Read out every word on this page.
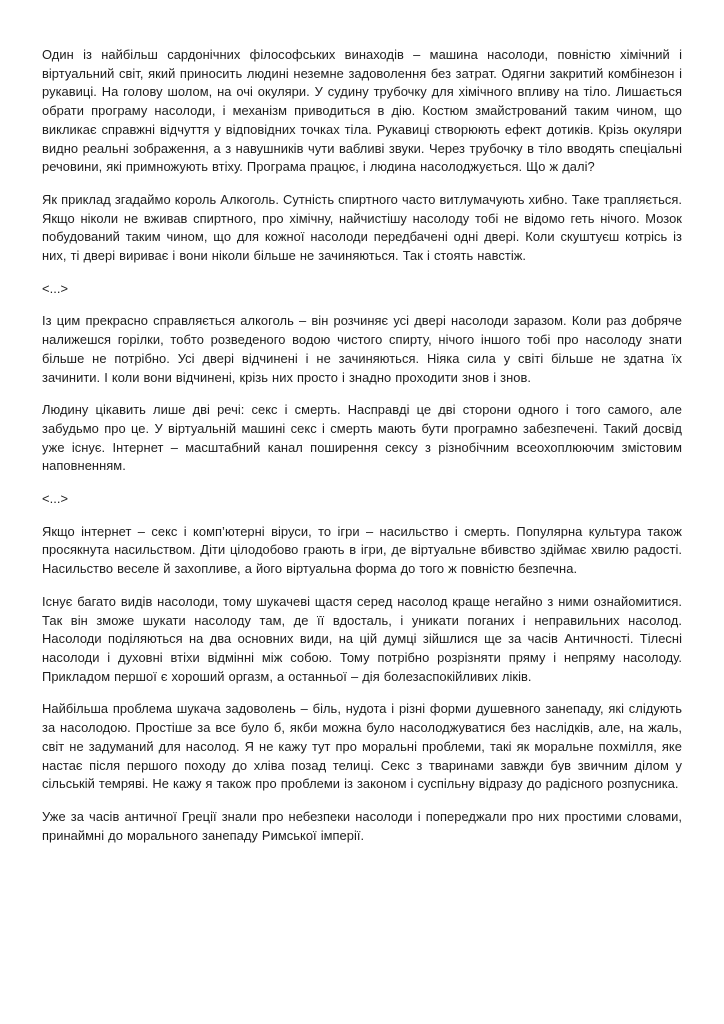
Один із найбільш сардонічних філософських винаходів – машина насолоди, повністю хімічний і віртуальний світ, який приносить людині неземне задоволення без затрат. Одягни закритий комбінезон і рукавиці. На голову шолом, на очі окуляри. У судину трубочку для хімічного впливу на тіло. Лишається обрати програму насолоди, і механізм приводиться в дію. Костюм змайстрований таким чином, що викликає справжні відчуття у відповідних точках тіла. Рукавиці створюють ефект дотиків. Крізь окуляри видно реальні зображення, а з навушників чути вабливі звуки. Через трубочку в тіло вводять спеціальні речовини, які примножують втіху. Програма працює, і людина насолоджується. Що ж далі?

Як приклад згадаймо король Алкоголь. Сутність спиртного часто витлумачують хибно. Таке трапляється. Якщо ніколи не вживав спиртного, про хімічну, найчистішу насолоду тобі не відомо геть нічого. Мозок побудований таким чином, що для кожної насолоди передбачені одні двері. Коли скуштуєш котрісь із них, ті двері вириває і вони ніколи більше не зачиняються. Так і стоять навстіж.

<...>

Із цим прекрасно справляється алкоголь – він розчиняє усі двері насолоди заразом. Коли раз добряче налижешся горілки, тобто розведеного водою чистого спирту, нічого іншого тобі про насолоду знати більше не потрібно. Усі двері відчинені і не зачиняються. Ніяка сила у світі більше не здатна їх зачинити. І коли вони відчинені, крізь них просто і знадно проходити знов і знов.

Людину цікавить лише дві речі: секс і смерть. Насправді це дві сторони одного і того самого, але забудьмо про це. У віртуальній машині секс і смерть мають бути програмно забезпечені. Такий досвід уже існує. Інтернет – масштабний канал поширення сексу з різнобічним всеохоплюючим змістовим наповненням.

<...>

Якщо інтернет – секс і комп’ютерні віруси, то ігри – насильство і смерть. Популярна культура також просякнута насильством. Діти цілодобово грають в ігри, де віртуальне вбивство здіймає хвилю радості. Насильство веселе й захопливе, а його віртуальна форма до того ж повністю безпечна.

Існує багато видів насолоди, тому шукачеві щастя серед насолод краще негайно з ними ознайомитися. Так він зможе шукати насолоду там, де її вдосталь, і уникати поганих і неправильних насолод. Насолоди поділяються на два основних види, на цій думці зійшлися ще за часів Античності. Тілесні насолоди і духовні втіхи відмінні між собою. Тому потрібно розрізняти пряму і непряму насолоду. Прикладом першої є хороший оргазм, а останньої – дія болезаспокійливих ліків.

Найбільша проблема шукача задоволень – біль, нудота і різні форми душевного занепаду, які слідують за насолодою. Простіше за все було б, якби можна було насолоджуватися без наслідків, але, на жаль, світ не задуманий для насолод. Я не кажу тут про моральні проблеми, такі як моральне похмілля, яке настає після першого походу до хліва позад телиці. Секс з тваринами завжди був звичним ділом у сільській темряві. Не кажу я також про проблеми із законом і суспільну відразу до радісного розпусника.

Уже за часів античної Греції знали про небезпеки насолоди і попереджали про них простими словами, принаймні до морального занепаду Римської імперії.
